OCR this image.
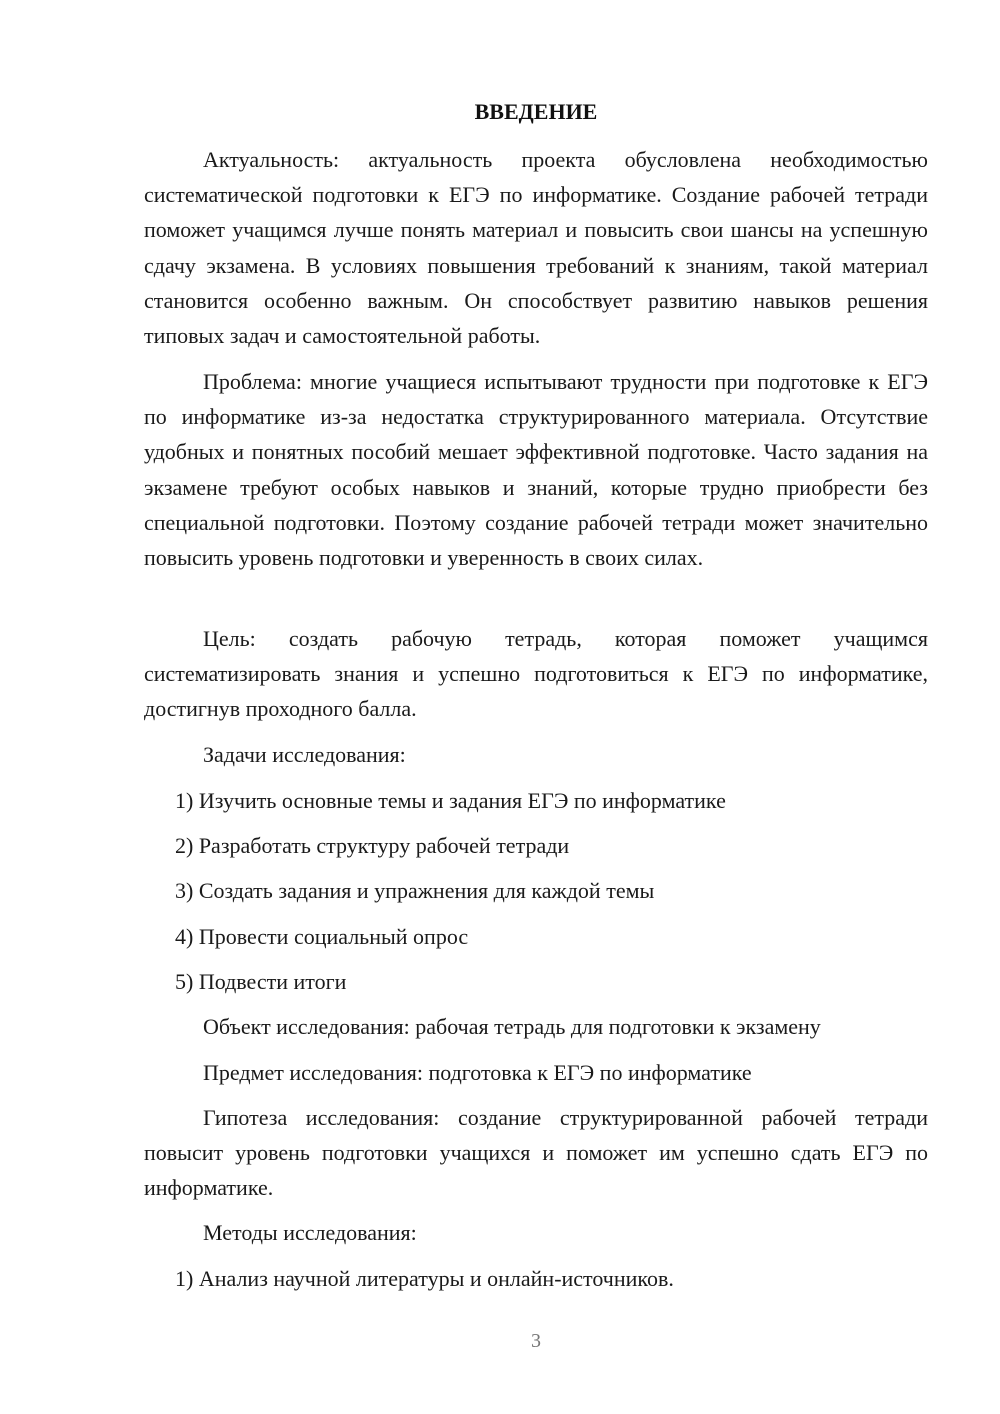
ВВЕДЕНИЕ

Актуальность: актуальность проекта обусловлена необходимостью систематической подготовки к ЕГЭ по информатике. Создание рабочей тетради поможет учащимся лучше понять материал и повысить свои шансы на успешную сдачу экзамена. В условиях повышения требований к знаниям, такой материал становится особенно важным. Он способствует развитию навыков решения типовых задач и самостоятельной работы.

Проблема: многие учащиеся испытывают трудности при подготовке к ЕГЭ по информатике из-за недостатка структурированного материала. Отсутствие удобных и понятных пособий мешает эффективной подготовке. Часто задания на экзамене требуют особых навыков и знаний, которые трудно приобрести без специальной подготовки. Поэтому создание рабочей тетради может значительно повысить уровень подготовки и уверенность в своих силах.

Цель: создать рабочую тетрадь, которая поможет учащимся систематизировать знания и успешно подготовиться к ЕГЭ по информатике, достигнув проходного балла.

Задачи исследования:

1) Изучить основные темы и задания ЕГЭ по информатике

2) Разработать структуру рабочей тетради

3) Создать задания и упражнения для каждой темы

4) Провести социальный опрос

5) Подвести итоги

Объект исследования: рабочая тетрадь для подготовки к экзамену

Предмет исследования: подготовка к ЕГЭ по информатике

Гипотеза исследования: создание структурированной рабочей тетради повысит уровень подготовки учащихся и поможет им успешно сдать ЕГЭ по информатике.

Методы исследования:

1) Анализ научной литературы и онлайн-источников.

3
